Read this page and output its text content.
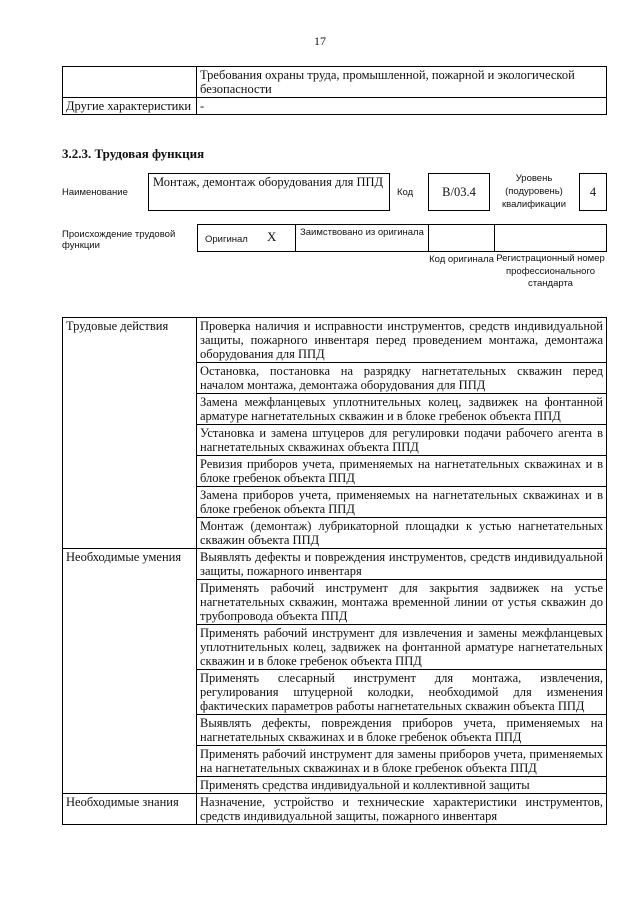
17
	Требования охраны труда, промышленной, пожарной и экологической безопасности
Другие характеристики	-
3.2.3. Трудовая функция
Наименование
Монтаж, демонтаж оборудования для ППД
Код B/03.4
Уровень (подуровень) квалификации
4
Происхождение трудовой функции
Оригинал X Заимствовано из оригинала
Код оригинала Регистрационный номер профессионального стандарта
Трудовые действия	Проверка наличия и исправности инструментов, средств индивидуальной защиты, пожарного инвентаря перед проведением монтажа, демонтажа оборудования для ППД
	Остановка, постановка на разрядку нагнетательных скважин перед началом монтажа, демонтажа оборудования для ППД
	Замена межфланцевых уплотнительных колец, задвижек на фонтанной арматуре нагнетательных скважин и в блоке гребенок объекта ППД
	Установка и замена штуцеров для регулировки подачи рабочего агента в нагнетательных скважинах объекта ППД
	Ревизия приборов учета, применяемых на нагнетательных скважинах и в блоке гребенок объекта ППД
	Замена приборов учета, применяемых на нагнетательных скважинах и в блоке гребенок объекта ППД
	Монтаж (демонтаж) лубрикаторной площадки к устью нагнетательных скважин объекта ППД
Необходимые умения	Выявлять дефекты и повреждения инструментов, средств индивидуальной защиты, пожарного инвентаря
	Применять рабочий инструмент для закрытия задвижек на устье нагнетательных скважин, монтажа временной линии от устья скважин до трубопровода объекта ППД
	Применять рабочий инструмент для извлечения и замены межфланцевых уплотнительных колец, задвижек на фонтанной арматуре нагнетательных скважин и в блоке гребенок объекта ППД
	Применять слесарный инструмент для монтажа, извлечения, регулирования штуцерной колодки, необходимой для изменения фактических параметров работы нагнетательных скважин объекта ППД
	Выявлять дефекты, повреждения приборов учета, применяемых на нагнетательных скважинах и в блоке гребенок объекта ППД
	Применять рабочий инструмент для замены приборов учета, применяемых на нагнетательных скважинах и в блоке гребенок объекта ППД
	Применять средства индивидуальной и коллективной защиты
Необходимые знания	Назначение, устройство и технические характеристики инструментов, средств индивидуальной защиты, пожарного инвентаря
